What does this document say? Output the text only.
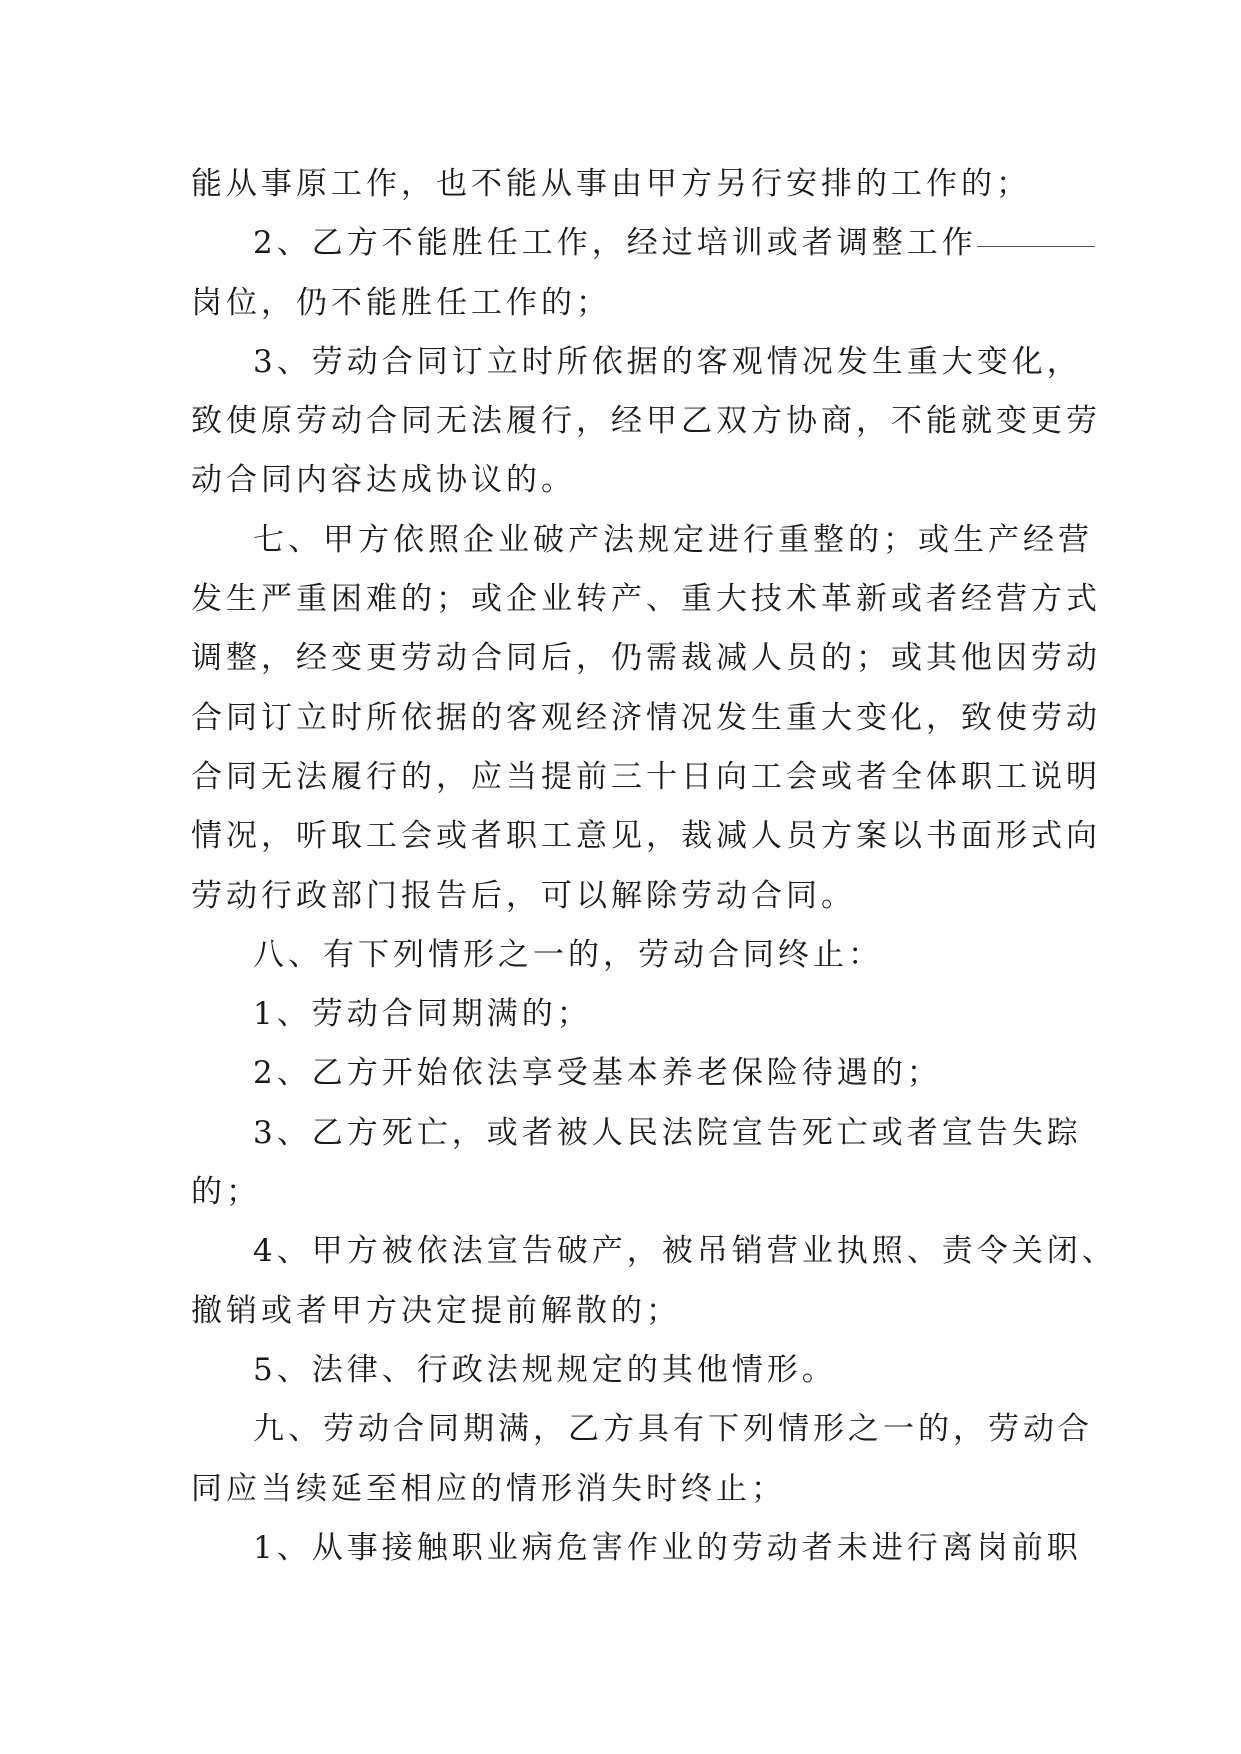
能从事原工作，也不能从事由甲方另行安排的工作的；
2、乙方不能胜任工作，经过培训或者调整工作
岗位，仍不能胜任工作的；
3、劳动合同订立时所依据的客观情况发生重大变化，
致使原劳动合同无法履行，经甲乙双方协商，不能就变更劳
动合同内容达成协议的。
七、甲方依照企业破产法规定进行重整的；或生产经营
发生严重困难的；或企业转产、重大技术革新或者经营方式
调整，经变更劳动合同后，仍需裁减人员的；或其他因劳动
合同订立时所依据的客观经济情况发生重大变化，致使劳动
合同无法履行的，应当提前三十日向工会或者全体职工说明
情况，听取工会或者职工意见，裁减人员方案以书面形式向
劳动行政部门报告后，可以解除劳动合同。
八、有下列情形之一的，劳动合同终止：
1、劳动合同期满的；
2、乙方开始依法享受基本养老保险待遇的；
3、乙方死亡，或者被人民法院宣告死亡或者宣告失踪
的；
4、甲方被依法宣告破产，被吊销营业执照、责令关闭、
撤销或者甲方决定提前解散的；
5、法律、行政法规规定的其他情形。
九、劳动合同期满，乙方具有下列情形之一的，劳动合
同应当续延至相应的情形消失时终止；
1、从事接触职业病危害作业的劳动者未进行离岗前职
